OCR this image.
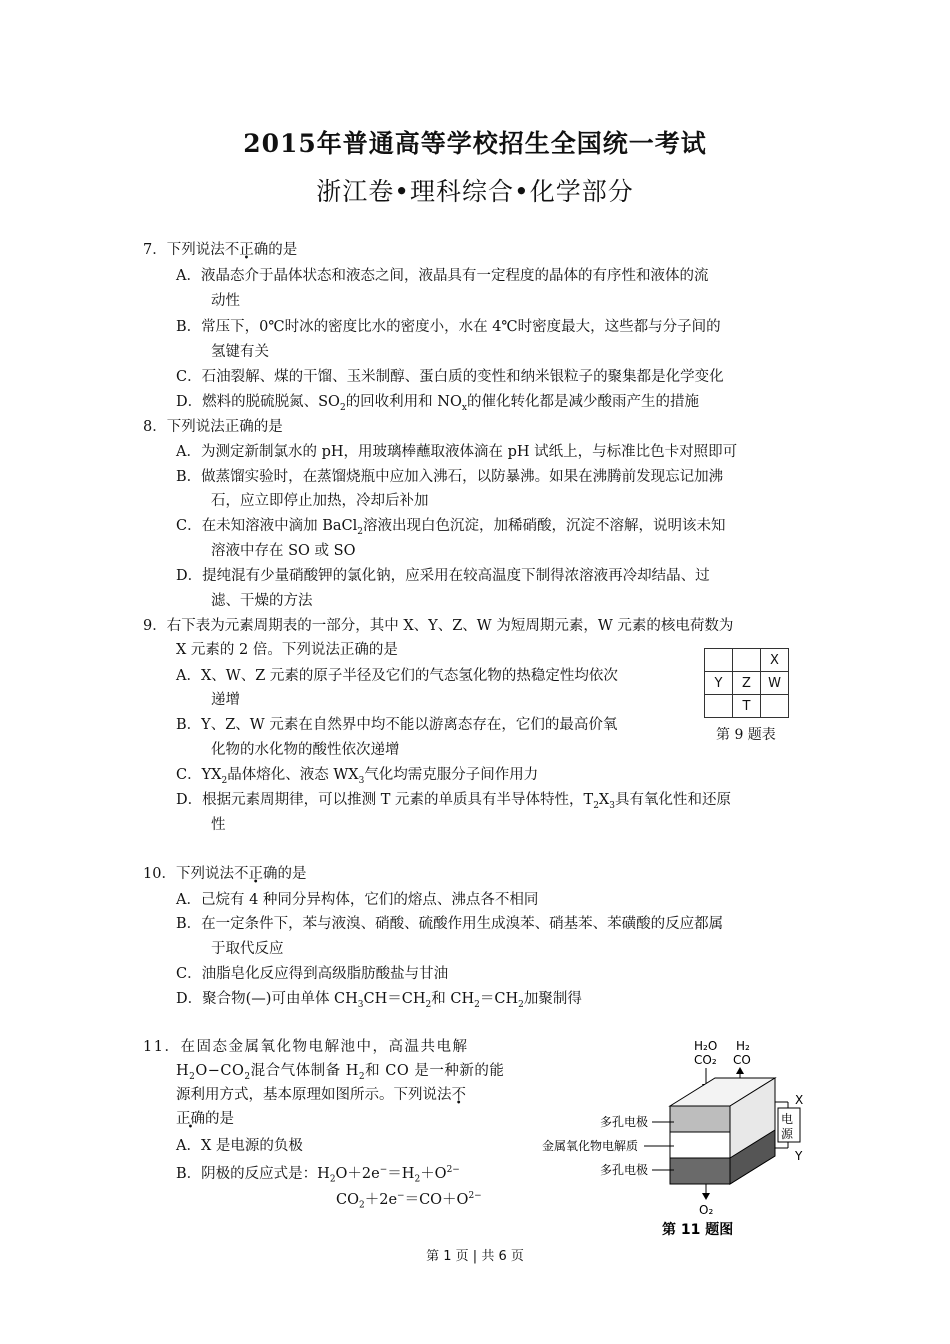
2015年普通高等学校招生全国统一考试
浙江卷•理科综合•化学部分
7．下列说法不正确的是
A．液晶态介于晶体状态和液态之间，液晶具有一定程度的晶体的有序性和液体的流
动性
B．常压下，0℃时冰的密度比水的密度小，水在 4℃时密度最大，这些都与分子间的
氢键有关
C．石油裂解、煤的干馏、玉米制醇、蛋白质的变性和纳米银粒子的聚集都是化学变化
D．燃料的脱硫脱氮、$SO_2$的回收利用和 $NO_x$的催化转化都是减少酸雨产生的措施
8．下列说法正确的是
A．为测定新制氯水的 pH，用玻璃棒蘸取液体滴在 pH 试纸上，与标准比色卡对照即可
B．做蒸馏实验时，在蒸馏烧瓶中应加入沸石，以防暴沸。如果在沸腾前发现忘记加沸
石，应立即停止加热，冷却后补加
C．在未知溶液中滴加 BaCl$_2$溶液出现白色沉淀，加稀硝酸，沉淀不溶解，说明该未知
溶液中存在 SO 或 SO
D．提纯混有少量硝酸钾的氯化钠，应采用在较高温度下制得浓溶液再冷却结晶、过
滤、干燥的方法
9．右下表为元素周期表的一部分，其中 X、Y、Z、W 为短周期元素，W 元素的核电荷数为
X 元素的 2 倍。下列说法正确的是
A．X、W、Z 元素的原子半径及它们的气态氢化物的热稳定性均依次
递增
B．Y、Z、W 元素在自然界中均不能以游离态存在，它们的最高价氧
化物的水化物的酸性依次递增
C．$YX_2$晶体熔化、液态 $WX_3$气化均需克服分子间作用力
D．根据元素周期律，可以推测 T 元素的单质具有半导体特性，$T_2X_3$具有氧化性和还原
性
		X
Y	Z	W
	T	
第 9 题表
10．下列说法不正确的是
A．己烷有 4 种同分异构体，它们的熔点、沸点各不相同
B．在一定条件下，苯与液溴、硝酸、硫酸作用生成溴苯、硝基苯、苯磺酸的反应都属
于取代反应
C．油脂皂化反应得到高级脂肪酸盐与甘油
D．聚合物(—)可由单体 $CH_3CH=CH_2$和 $CH_2=CH_2$加聚制得
11．在固态金属氧化物电解池中，高温共电解
$H_2O-CO_2$混合气体制备 $H_2$和 CO 是一种新的能
源利用方式，基本原理如图所示。下列说法不
正确的是
A．X 是电源的负极
B．阴极的反应式是：$H_2O+2e^-=H_2+O^{2-}$
$CO_2+2e^-=CO+O^{2-}$
H₂O
CO₂
H₂
CO
多孔电极
金属氧化物电解质
多孔电极
电
源
X
Y
O₂
第 11 题图
第 1 页 | 共 6 页
